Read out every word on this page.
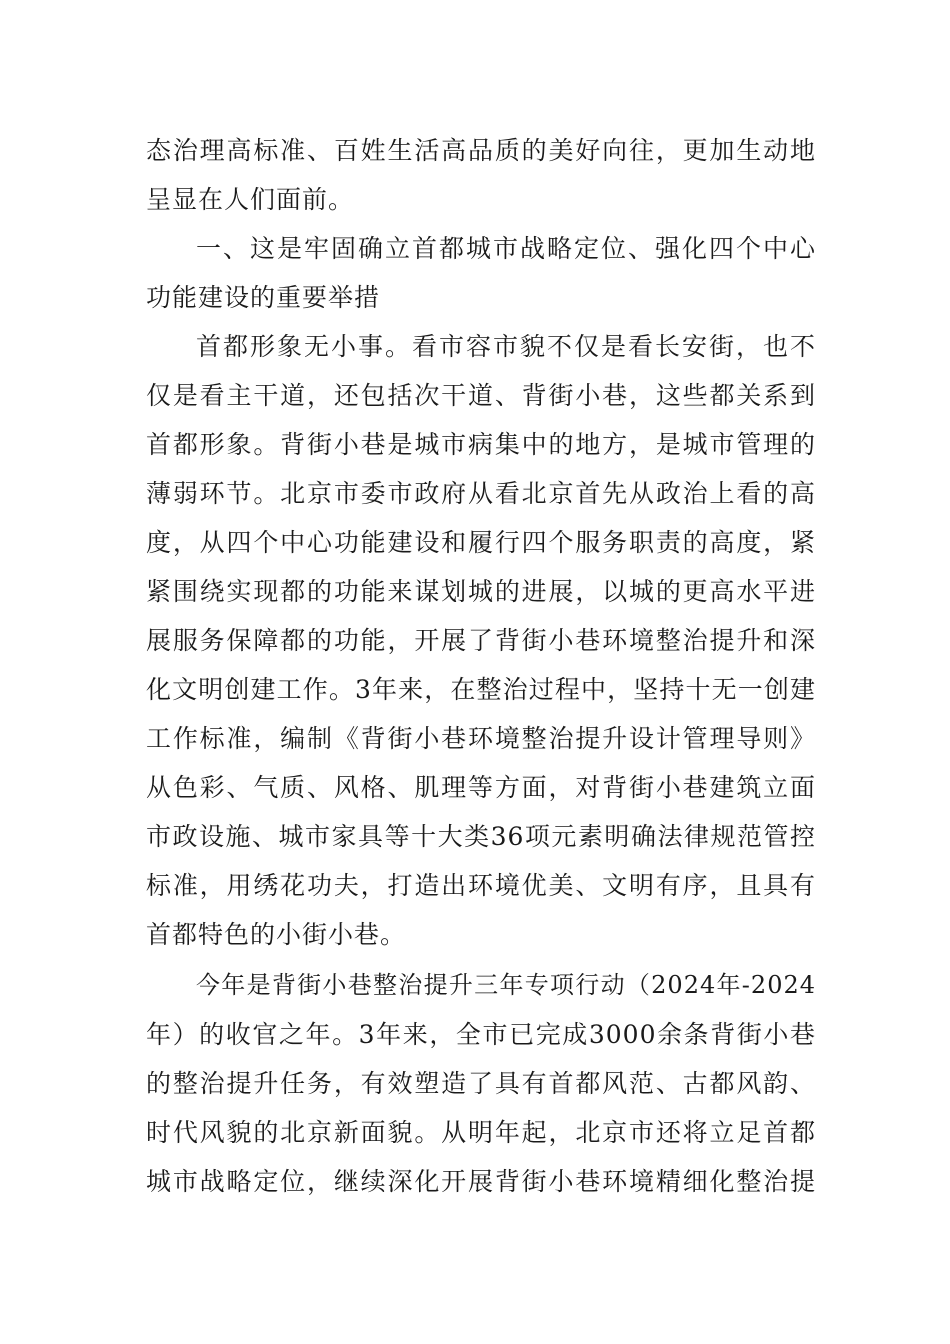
态治理高标准、百姓生活高品质的美好向往，更加生动地
呈显在人们面前。
一、这是牢固确立首都城市战略定位、强化四个中心
功能建设的重要举措
首都形象无小事。看市容市貌不仅是看长安街，也不
仅是看主干道，还包括次干道、背街小巷，这些都关系到
首都形象。背街小巷是城市病集中的地方，是城市管理的
薄弱环节。北京市委市政府从看北京首先从政治上看的高
度，从四个中心功能建设和履行四个服务职责的高度，紧
紧围绕实现都的功能来谋划城的进展，以城的更高水平进
展服务保障都的功能，开展了背街小巷环境整治提升和深
化文明创建工作。3年来，在整治过程中，坚持十无一创建
工作标准，编制《背街小巷环境整治提升设计管理导则》
从色彩、气质、风格、肌理等方面，对背街小巷建筑立面
市政设施、城市家具等十大类36项元素明确法律规范管控
标准，用绣花功夫，打造出环境优美、文明有序，且具有
首都特色的小街小巷。
今年是背街小巷整治提升三年专项行动（2024年-2024
年）的收官之年。3年来，全市已完成3000余条背街小巷
的整治提升任务，有效塑造了具有首都风范、古都风韵、
时代风貌的北京新面貌。从明年起，北京市还将立足首都
城市战略定位，继续深化开展背街小巷环境精细化整治提
